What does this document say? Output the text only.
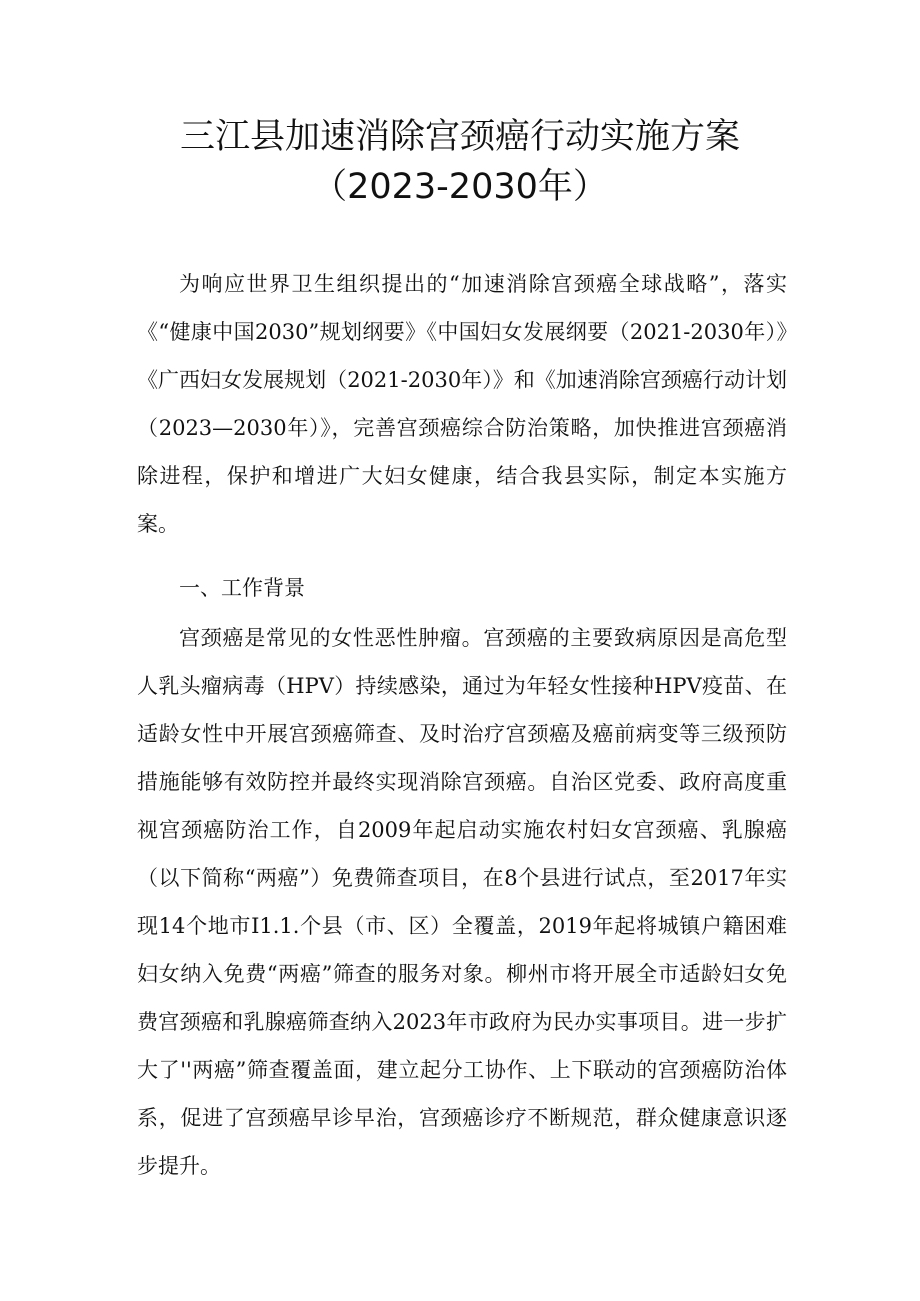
三江县加速消除宫颈癌行动实施方案
（2023-2030年）

为响应世界卫生组织提出的“加速消除宫颈癌全球战略”，落实《“健康中国2030”规划纲要》《中国妇女发展纲要（2021-2030年）》《广西妇女发展规划（2021-2030年）》和《加速消除宫颈癌行动计划（2023—2030年）》，完善宫颈癌综合防治策略，加快推进宫颈癌消除进程，保护和增进广大妇女健康，结合我县实际，制定本实施方案。

一、工作背景

宫颈癌是常见的女性恶性肿瘤。宫颈癌的主要致病原因是高危型人乳头瘤病毒（HPV）持续感染，通过为年轻女性接种HPV疫苗、在适龄女性中开展宫颈癌筛查、及时治疗宫颈癌及癌前病变等三级预防措施能够有效防控并最终实现消除宫颈癌。自治区党委、政府高度重视宫颈癌防治工作，自2009年起启动实施农村妇女宫颈癌、乳腺癌（以下简称“两癌”）免费筛查项目，在8个县进行试点，至2017年实现14个地市I1.1.个县（市、区）全覆盖，2019年起将城镇户籍困难妇女纳入免费“两癌”筛查的服务对象。柳州市将开展全市适龄妇女免费宫颈癌和乳腺癌筛查纳入2023年市政府为民办实事项目。进一步扩大了''两癌”筛查覆盖面，建立起分工协作、上下联动的宫颈癌防治体系，促进了宫颈癌早诊早治，宫颈癌诊疗不断规范，群众健康意识逐步提升。
